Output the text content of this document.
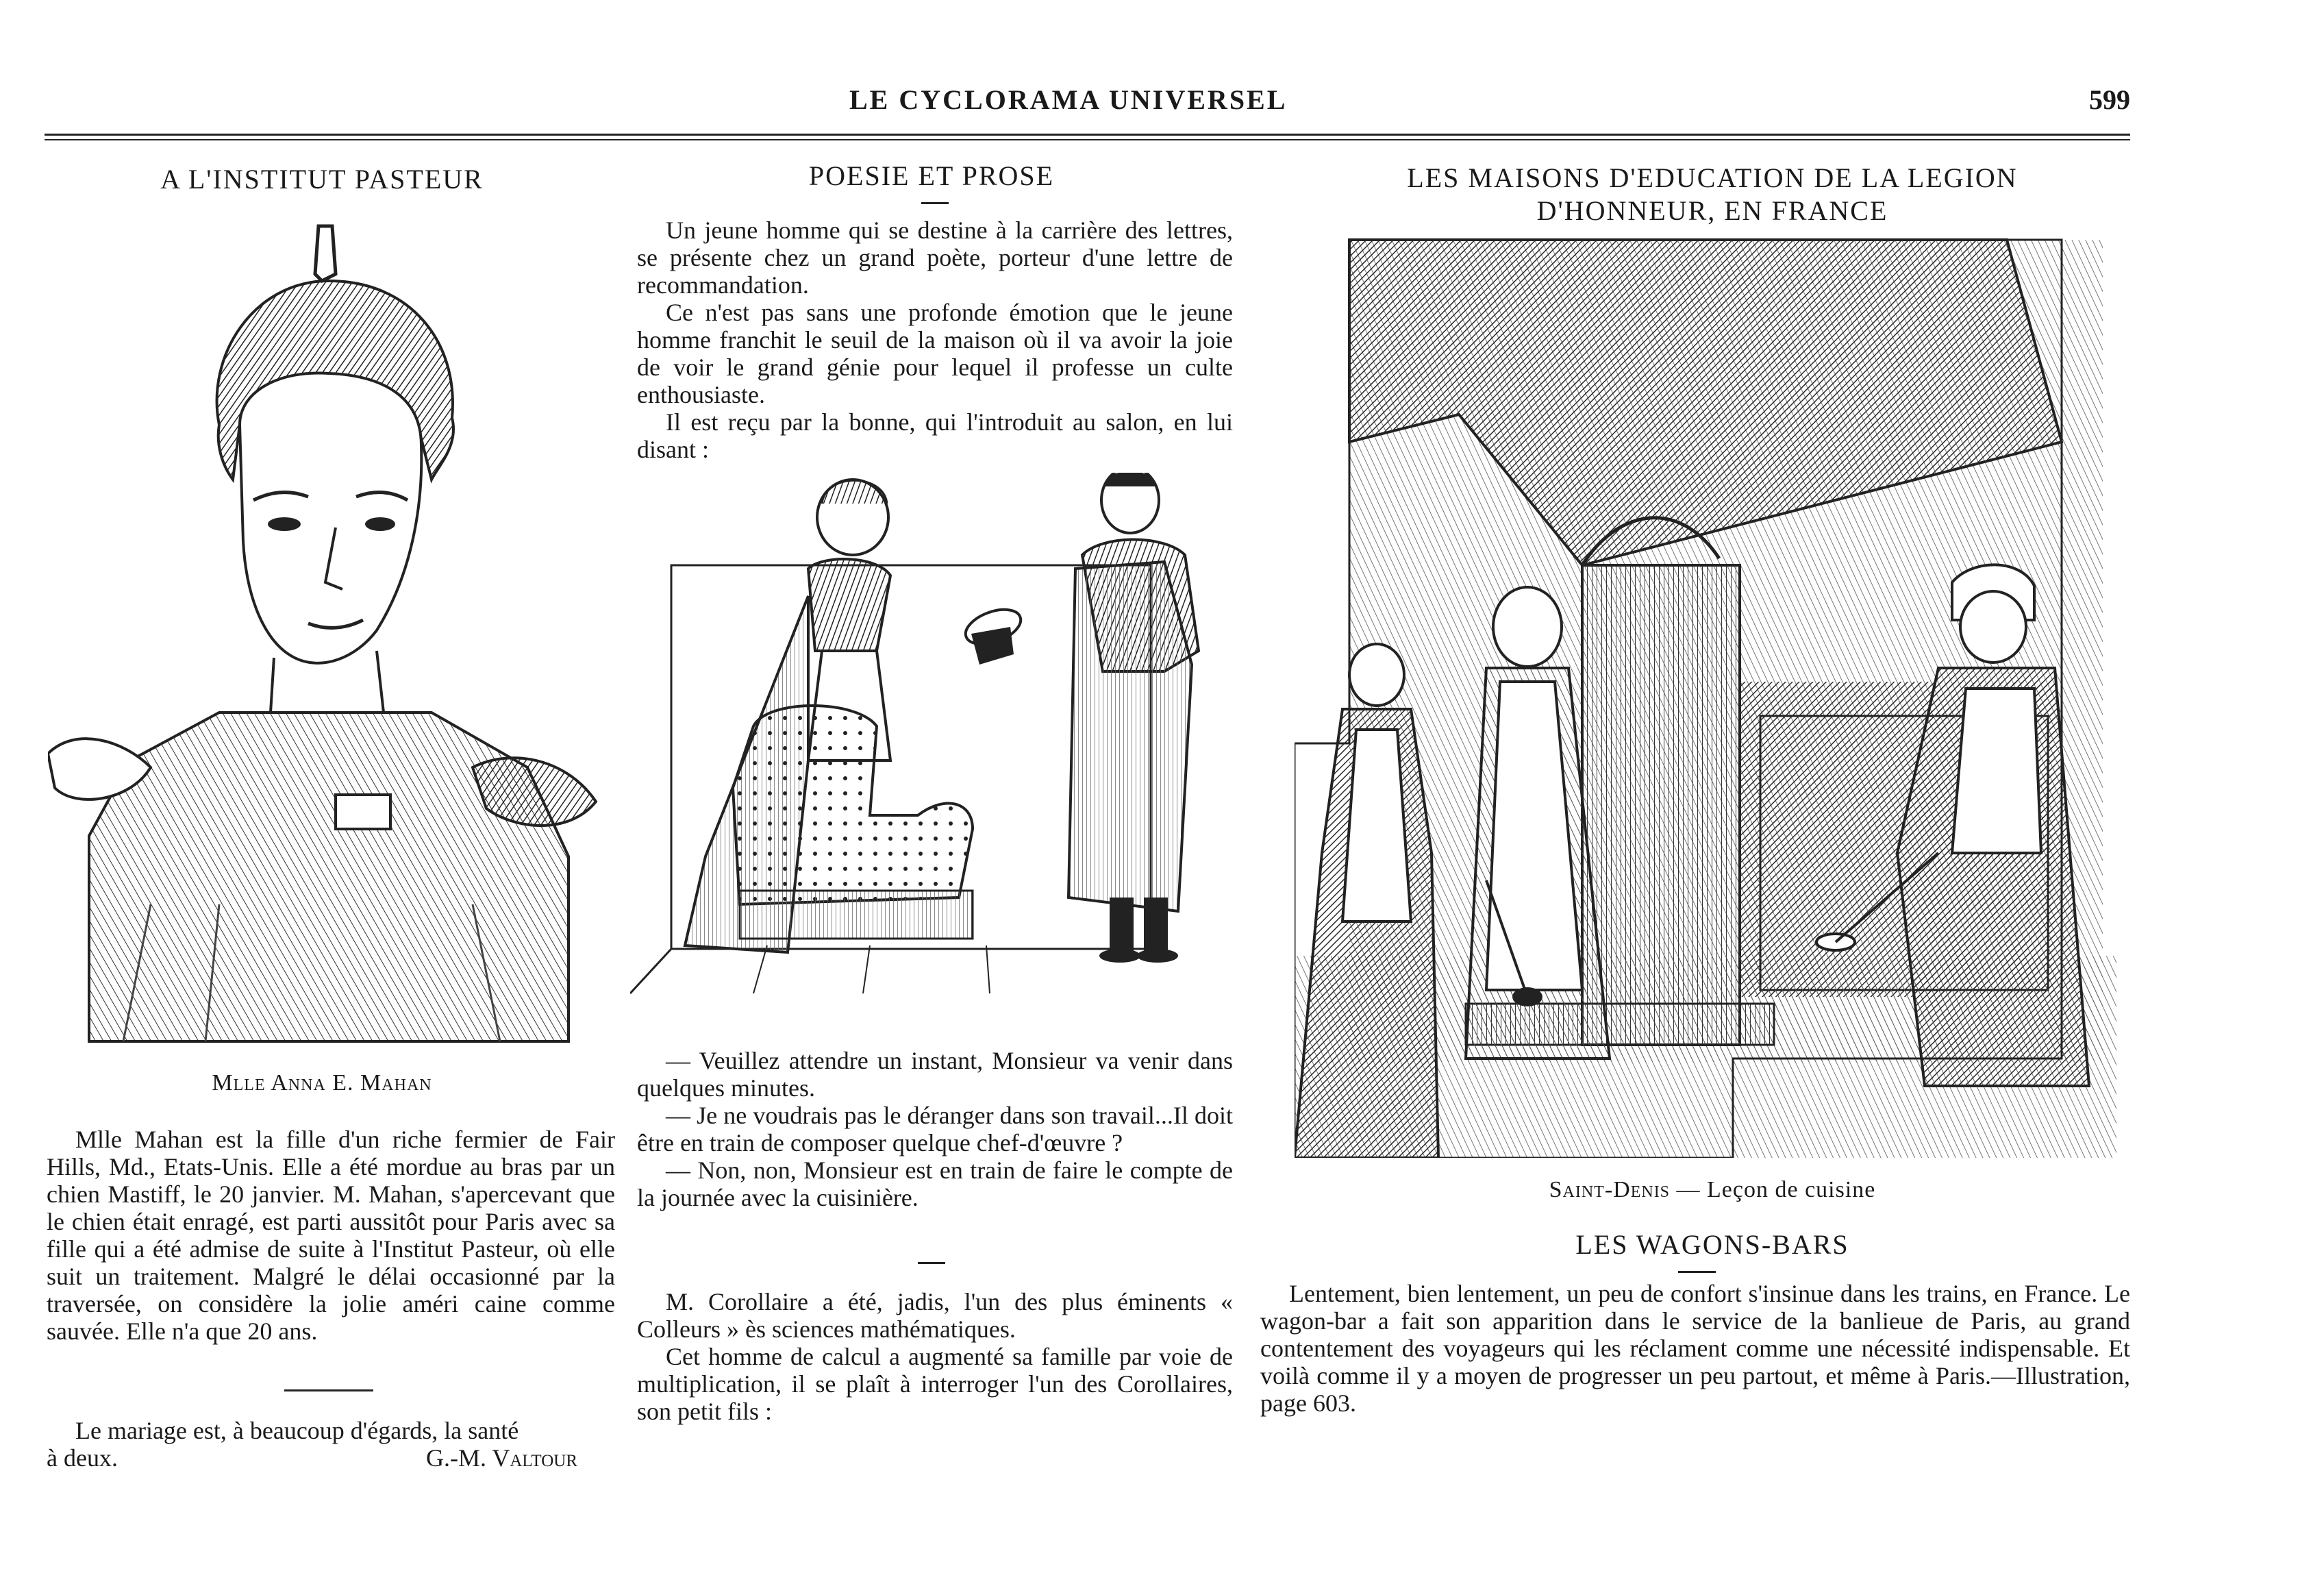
LE CYCLORAMA UNIVERSEL	599
A L'INSTITUT PASTEUR
Mlle Anna E. Mahan

Mlle Mahan est la fille d'un riche fermier de Fair Hills, Md., Etats-Unis. Elle a été mordue au bras par un chien Mastiff, le 20 janvier. M. Mahan, s'apercevant que le chien était enragé, est parti aussitôt pour Paris avec sa fille qui a été admise de suite à l'Institut Pasteur, où elle suit un traitement. Malgré le délai occasionné par la traversée, on considère la jolie améri caine comme sauvée. Elle n'a que 20 ans.

Le mariage est, à beaucoup d'égards, la santé
à deux.	G.-M. Valtour
POESIE ET PROSE

Un jeune homme qui se destine à la carrière des lettres, se présente chez un grand poète, porteur d'une lettre de recommandation.

Ce n'est pas sans une profonde émotion que le jeune homme franchit le seuil de la maison où il va avoir la joie de voir le grand génie pour lequel il professe un culte enthousiaste.

Il est reçu par la bonne, qui l'introduit au salon, en lui disant :

— Veuillez attendre un instant, Monsieur va venir dans quelques minutes.

— Je ne voudrais pas le déranger dans son travail...Il doit être en train de composer quelque chef-d'œuvre ?

— Non, non, Monsieur est en train de faire le compte de la journée avec la cuisinière.

M. Corollaire a été, jadis, l'un des plus éminents « Colleurs » ès sciences mathématiques.

Cet homme de calcul a augmenté sa famille par voie de multiplication, il se plaît à interroger l'un des Corollaires, son petit fils :

LES MAISONS D'EDUCATION DE LA LEGION
D'HONNEUR, EN FRANCE
Saint-Denis — Leçon de cuisine
LES WAGONS-BARS

Lentement, bien lentement, un peu de confort s'insinue dans les trains, en France. Le wagon-bar a fait son apparition dans le service de la banlieue de Paris, au grand contentement des voyageurs qui les réclament comme une nécessité indispensable. Et voilà comme il y a moyen de progresser un peu partout, et même à Paris.—Illustration, page 603.
